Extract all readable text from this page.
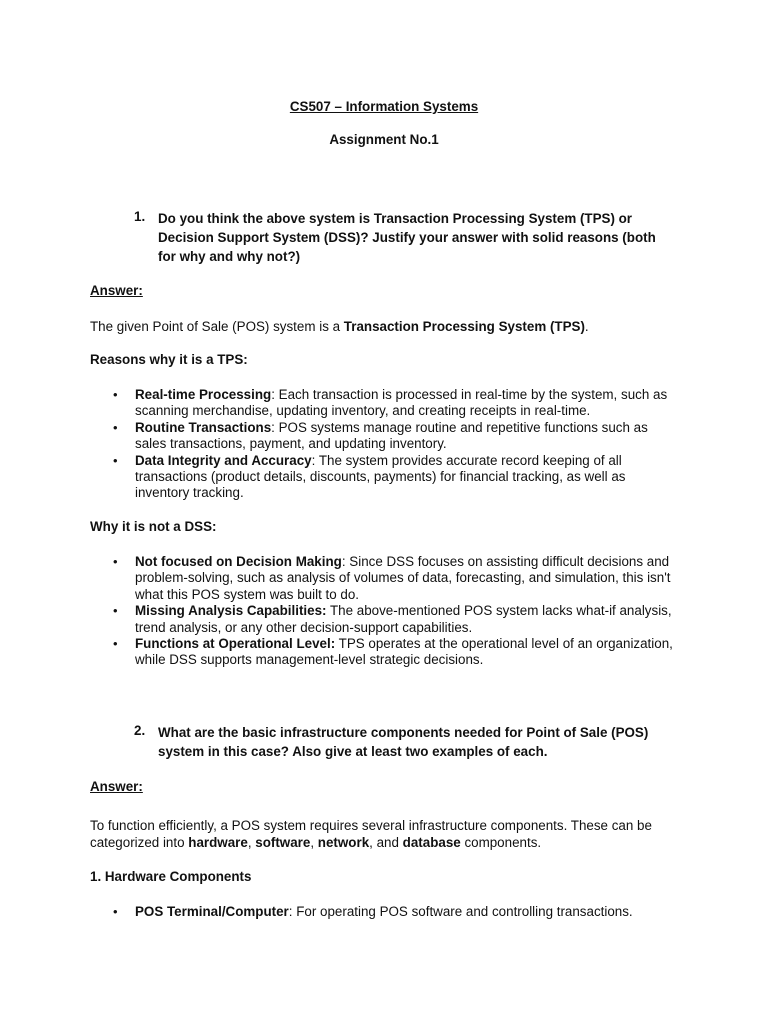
CS507 – Information Systems
Assignment No.1
1. Do you think the above system is Transaction Processing System (TPS) or
Decision Support System (DSS)? Justify your answer with solid reasons (both
for why and why not?)
Answer:
The given Point of Sale (POS) system is a Transaction Processing System (TPS).
Reasons why it is a TPS:
• Real-time Processing: Each transaction is processed in real-time by the system, such as scanning merchandise, updating inventory, and creating receipts in real-time.
• Routine Transactions: POS systems manage routine and repetitive functions such as sales transactions, payment, and updating inventory.
• Data Integrity and Accuracy: The system provides accurate record keeping of all transactions (product details, discounts, payments) for financial tracking, as well as inventory tracking.
Why it is not a DSS:
• Not focused on Decision Making: Since DSS focuses on assisting difficult decisions and problem-solving, such as analysis of volumes of data, forecasting, and simulation, this isn't what this POS system was built to do.
• Missing Analysis Capabilities: The above-mentioned POS system lacks what-if analysis, trend analysis, or any other decision-support capabilities.
• Functions at Operational Level: TPS operates at the operational level of an organization, while DSS supports management-level strategic decisions.
2. What are the basic infrastructure components needed for Point of Sale (POS)
system in this case? Also give at least two examples of each.
Answer:
To function efficiently, a POS system requires several infrastructure components. These can be
categorized into hardware, software, network, and database components.
1. Hardware Components
• POS Terminal/Computer: For operating POS software and controlling transactions.
